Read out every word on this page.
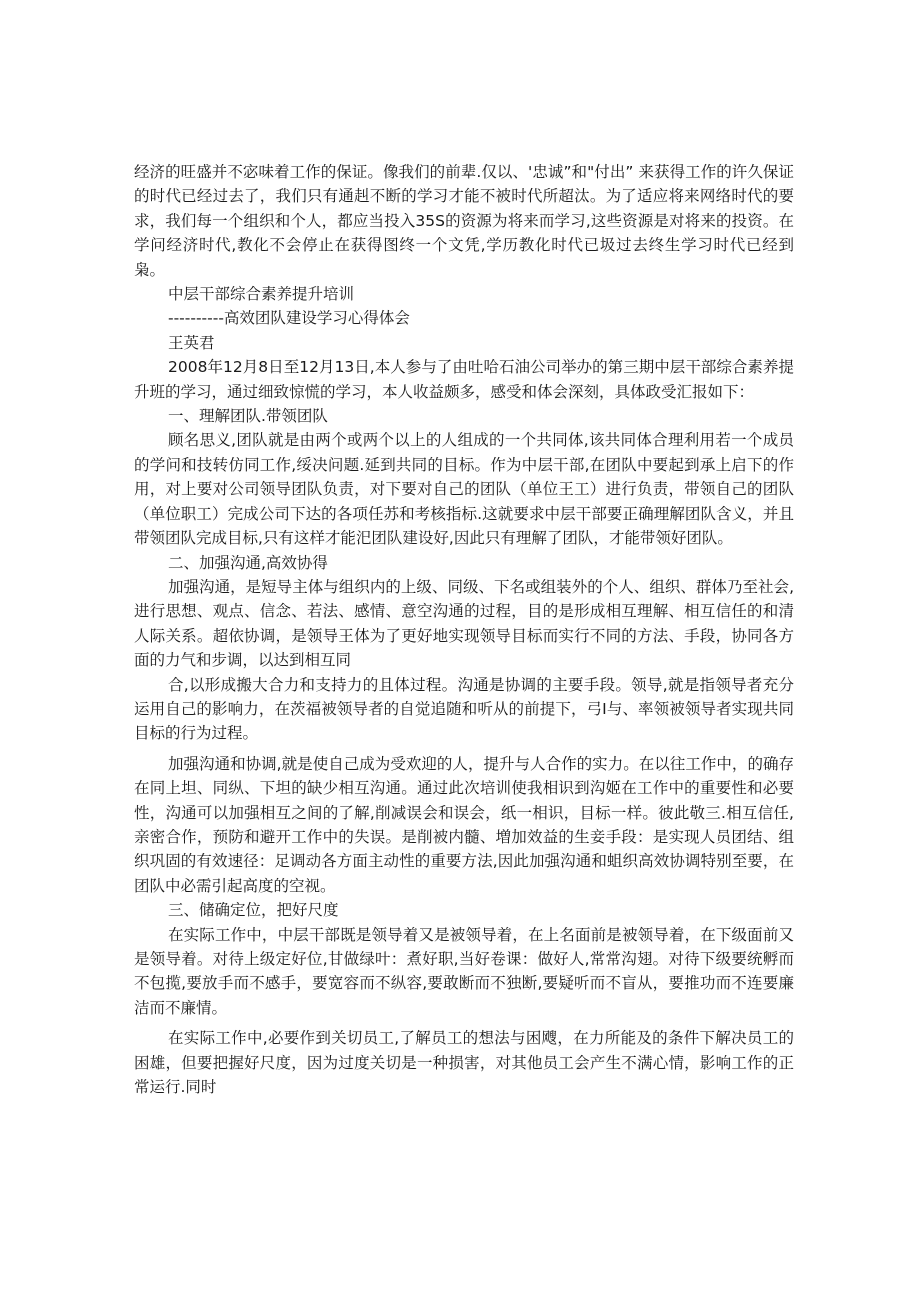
经济的旺盛并不宓味着工作的保证。像我们的前辈.仅以、'忠诚”和"付出” 来获得工作的许久保证的时代已经过去了，我们只有通赳不断的学习才能不被时代所超汰。为了适应将来网络时代的要求，我们每一个组织和个人，都应当投入35S的资源为将来而学习,这些资源是对将来的投资。在学问经济时代,教化不会停止在获得图终一个文凭,学历教化时代已圾过去终生学习时代已经到枭。

中层干部综合素养提升培训

----------高效团队建设学习心得体会

王英君

2008年12月8日至12月13日,本人参与了由吐哈石油公司举办的第三期中层干部综合素养提升班的学习，通过细致惊慌的学习，本人收益颇多，感受和体会深刻，具体政受汇报如下：

一、理解团队.带领团队

顾名思义,团队就是由两个或两个以上的人组成的一个共同体,该共同体合理利用若一个成员的学问和技转仿同工作,绥决问题.延到共同的目标。作为中层干部,在团队中要起到承上启下的作用，对上要对公司领导团队负责，对下要对自己的团队（单位王工）进行负责，带领自己的团队（单位职工）完成公司下达的各项任苏和考核指标.这就要求中层干部要正确理解团队含义，并且带领团队完成目标,只有这样才能汜团队建设好,因此只有理解了团队，才能带领好团队。

二、加强沟通,高效协得

加强沟通，是短导主体与组织内的上级、同级、下名或组装外的个人、组织、群体乃至社会,进行思想、观点、信念、若法、感情、意空沟通的过程，目的是形成相互理解、相互信任的和清人际关系。超依协调，是领导王体为了更好地实现领导目标而实行不同的方法、手段，协同各方面的力气和步调，以达到相互同

合,以形成搬大合力和支持力的且体过程。沟通是协调的主要手段。领导,就是指领导者充分运用自己的影响力，在茨福被领导者的自觉追随和听从的前提下，弓I与、率领被领导者实现共同目标的行为过程。

加强沟通和协调,就是使自己成为受欢迎的人，提升与人合作的实力。在以往工作中，的确存在同上坦、同纵、下坦的缺少相互沟通。通过此次培训使我相识到沟姬在工作中的重要性和必要性，沟通可以加强相互之间的了解,削减误会和误会，纸一相识，目标一样。彼此敬三.相互信任,亲密合作，预防和避开工作中的失误。是削被内髓、増加效益的生妾手段：是实现人员团结、组织巩固的有效速径：足调动各方面主动性的重要方法,因此加强沟通和蛆织高效协调特别至要，在团队中必需引起高度的空视。

三、储确定位，把好尺度

在实际工作中，中层干部既是领导着又是被领导着，在上名面前是被领导着，在下级面前又是领导着。对待上级定好位,甘做绿叶：煮好职,当好卷课：做好人,常常沟翅。对待下级要统孵而不包揽,要放手而不感手，要宽容而不纵容,要敢断而不独断,要疑听而不盲从，要推功而不连要廉洁而不廉情。

在实际工作中,必要作到关切员工,了解员工的想法与困飕，在力所能及的条件下解决员工的困雄，但要把握好尺度，因为过度关切是一种损害，对其他员工会产生不满心情，影响工作的正常运行.同时
